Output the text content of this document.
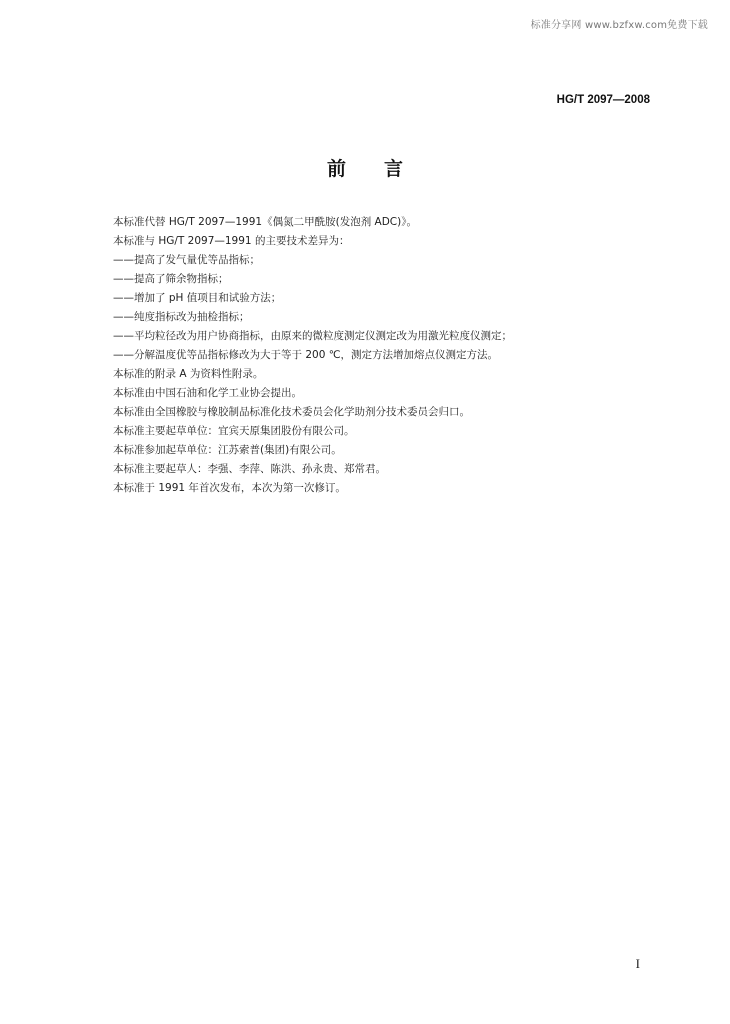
标准分享网 www.bzfxw.com免费下载
HG/T 2097—2008
前言
本标准代替 HG/T 2097—1991《偶氮二甲酰胺(发泡剂 ADC)》。
本标准与 HG/T 2097—1991 的主要技术差异为：
——提高了发气量优等品指标；
——提高了筛余物指标；
——增加了 pH 值项目和试验方法；
——纯度指标改为抽检指标；
——平均粒径改为用户协商指标，由原来的微粒度测定仪测定改为用激光粒度仪测定；
——分解温度优等品指标修改为大于等于 200 ℃，测定方法增加熔点仪测定方法。
本标准的附录 A 为资料性附录。
本标准由中国石油和化学工业协会提出。
本标准由全国橡胶与橡胶制品标准化技术委员会化学助剂分技术委员会归口。
本标准主要起草单位：宜宾天原集团股份有限公司。
本标准参加起草单位：江苏索普(集团)有限公司。
本标准主要起草人：李强、李萍、陈洪、孙永贵、郑常君。
本标准于 1991 年首次发布，本次为第一次修订。
I
